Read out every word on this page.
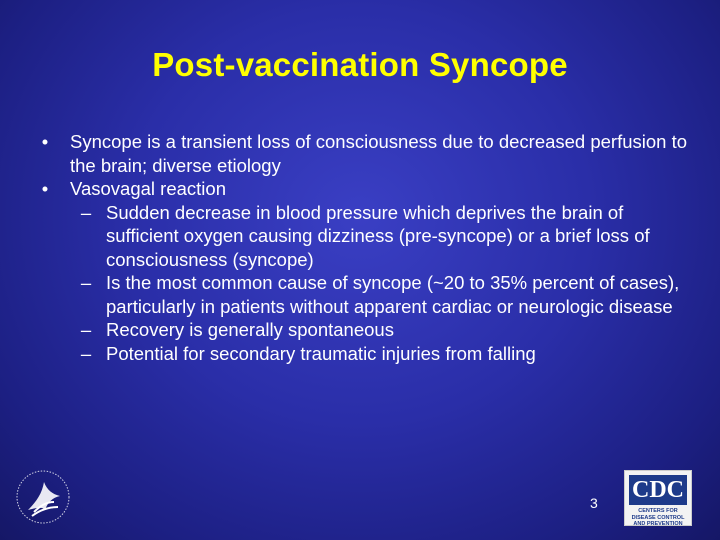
Post-vaccination Syncope

• Syncope is a transient loss of consciousness due to decreased perfusion to the brain; diverse etiology

• Vasovagal reaction

– Sudden decrease in blood pressure which deprives the brain of sufficient oxygen causing dizziness (pre-syncope) or a brief loss of consciousness (syncope)

– Is the most common cause of syncope (~20 to 35% percent of cases), particularly in patients without apparent cardiac or neurologic disease

– Recovery is generally spontaneous

– Potential for secondary traumatic injuries from falling

3 CDC
CENTERS FOR DISEASE CONTROL AND PREVENTION
